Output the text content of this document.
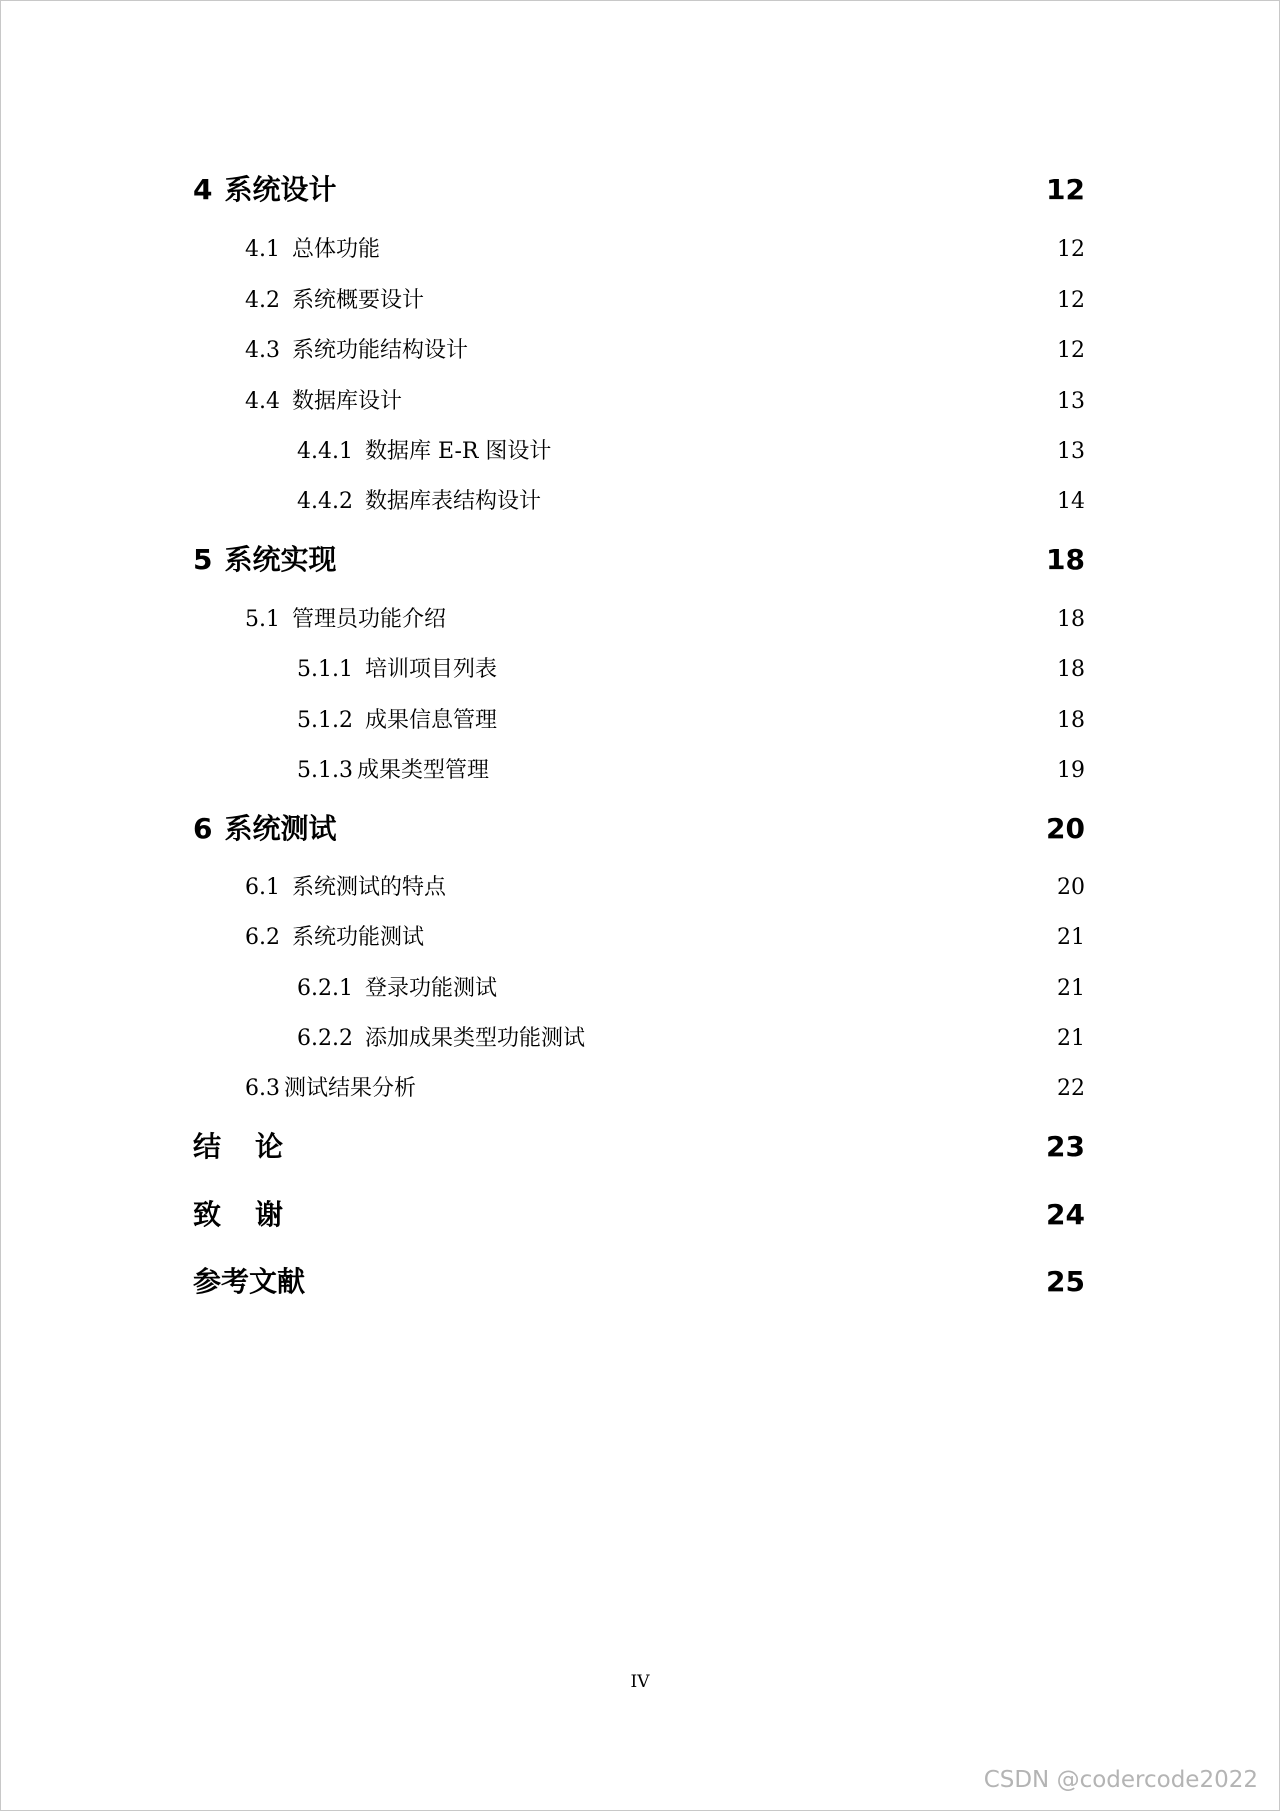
4 系统设计	12
4.1 总体功能	12
4.2 系统概要设计	12
4.3 系统功能结构设计	12
4.4 数据库设计	13
4.4.1 数据库 E-R 图设计	13
4.4.2 数据库表结构设计	14
5 系统实现	18
5.1 管理员功能介绍	18
5.1.1 培训项目列表	18
5.1.2 成果信息管理	18
5.1.3 成果类型管理	19
6 系统测试	20
6.1 系统测试的特点	20
6.2 系统功能测试	21
6.2.1 登录功能测试	21
6.2.2 添加成果类型功能测试	21
6.3 测试结果分析	22
结论	23
致谢	24
参考文献	25
IV
CSDN @codercode2022
